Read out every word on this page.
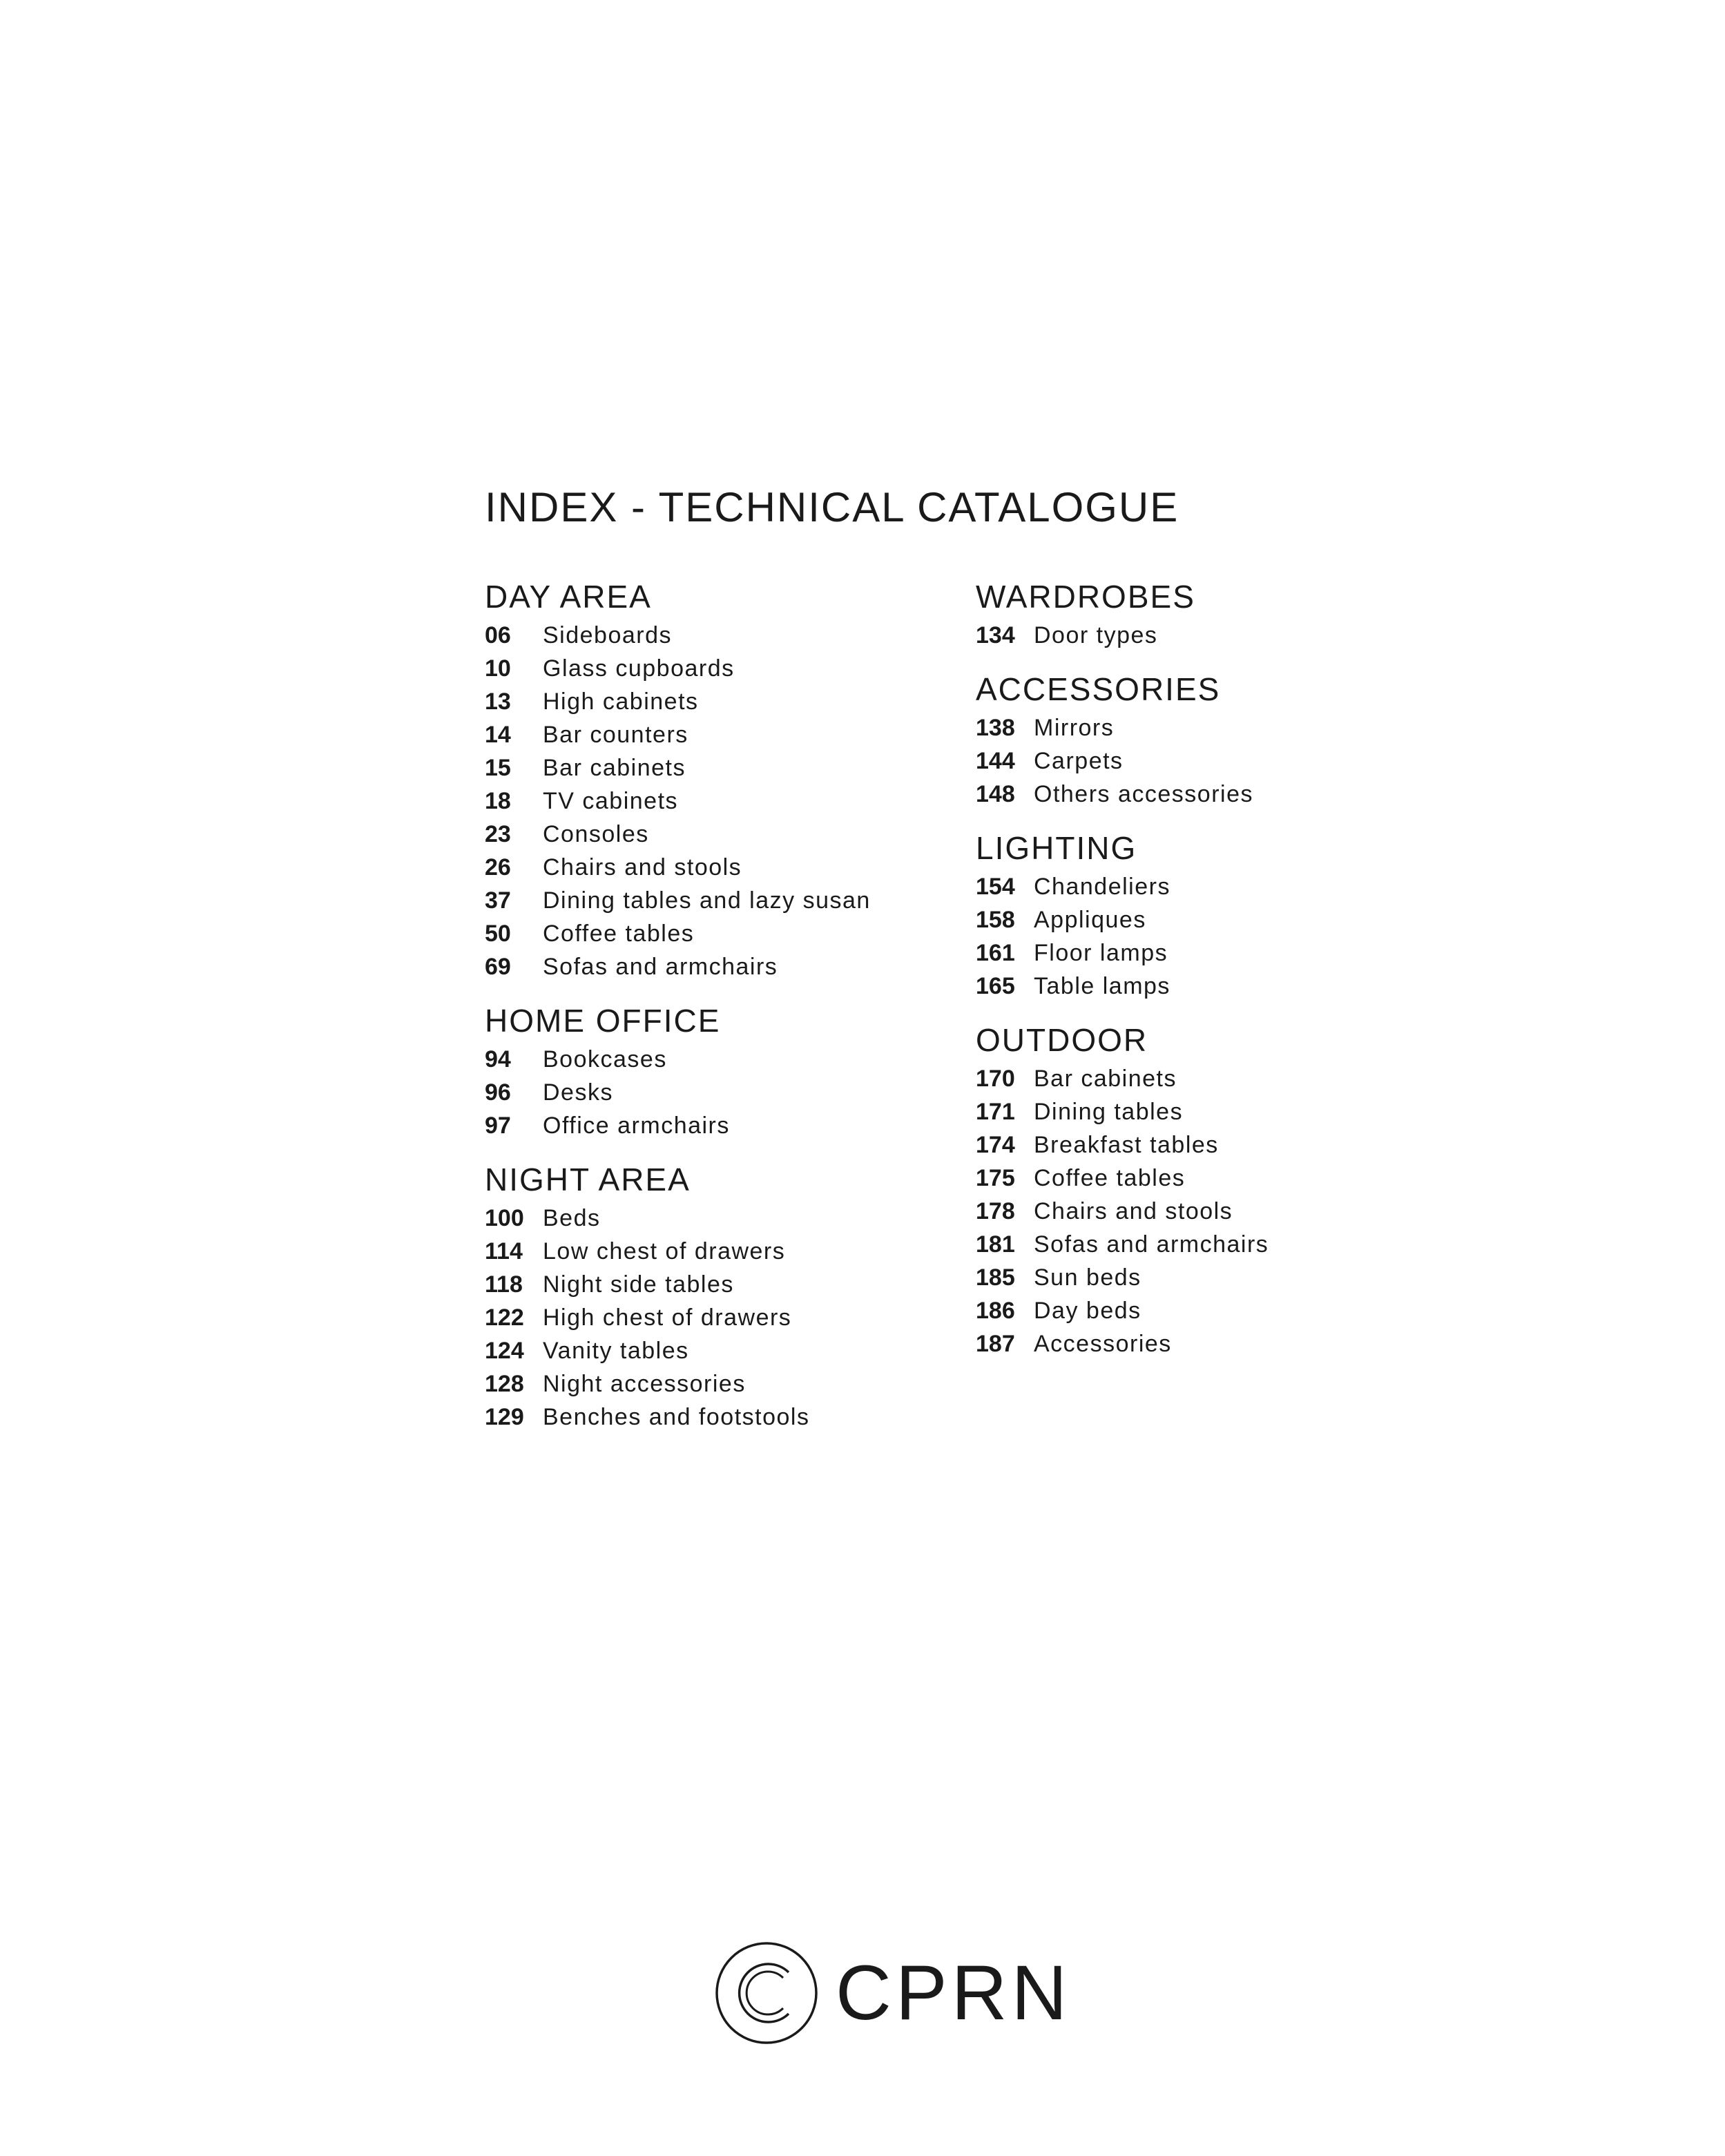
INDEX - TECHNICAL CATALOGUE
DAY AREA
06	Sideboards
10	Glass cupboards
13	High cabinets
14	Bar counters
15	Bar cabinets
18	TV cabinets
23	Consoles
26	Chairs and stools
37	Dining tables and lazy susan
50	Coffee tables
69	Sofas and armchairs
HOME OFFICE
94	Bookcases
96	Desks
97	Office armchairs
NIGHT AREA
100 Beds
114 Low chest of drawers
118 Night side tables
122 High chest of drawers
124 Vanity tables
128 Night accessories
129 Benches and footstools
WARDROBES
134 Door types
ACCESSORIES
138 Mirrors
144 Carpets
148 Others accessories
LIGHTING
154 Chandeliers
158 Appliques
161 Floor lamps
165 Table lamps
OUTDOOR
170 Bar cabinets
171 Dining tables
174 Breakfast tables
175 Coffee tables
178 Chairs and stools
181 Sofas and armchairs
185 Sun beds
186 Day beds
187 Accessories
CPRN
